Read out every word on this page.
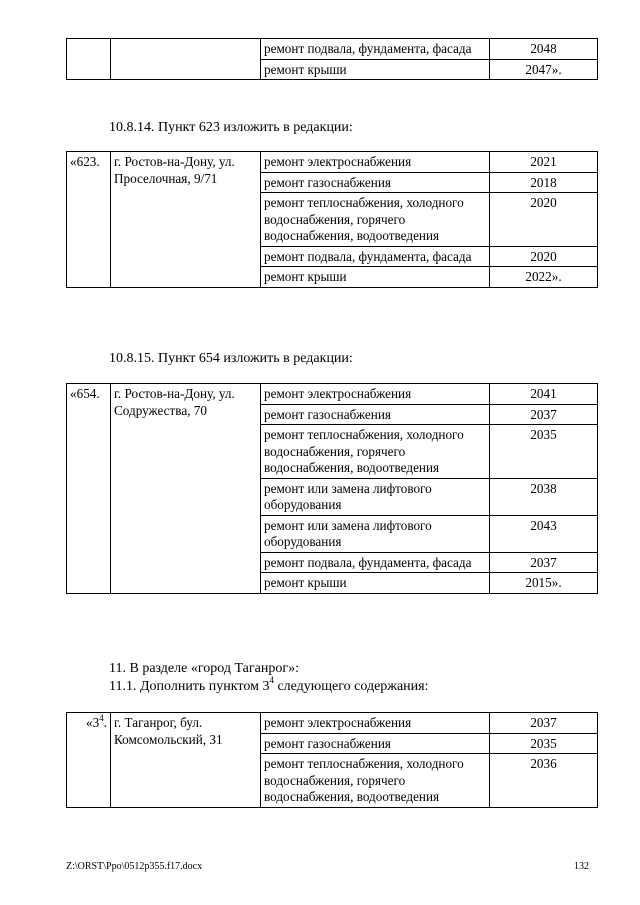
		ремонт подвала, фундамента, фасада	2048
		ремонт крыши	2047».
10.8.14. Пункт 623 изложить в редакции:
«623.	г. Ростов-на-Дону, ул. Проселочная, 9/71	ремонт электроснабжения	2021
		ремонт газоснабжения	2018
		ремонт теплоснабжения, холодного водоснабжения, горячего водоснабжения, водоотведения	2020
		ремонт подвала, фундамента, фасада	2020
		ремонт крыши	2022».
10.8.15. Пункт 654 изложить в редакции:
«654.	г. Ростов-на-Дону, ул. Содружества, 70	ремонт электроснабжения	2041
		ремонт газоснабжения	2037
		ремонт теплоснабжения, холодного водоснабжения, горячего водоснабжения, водоотведения	2035
		ремонт или замена лифтового оборудования	2038
		ремонт или замена лифтового оборудования	2043
		ремонт подвала, фундамента, фасада	2037
		ремонт крыши	2015».
11. В разделе «город Таганрог»:
11.1. Дополнить пунктом $3^4$ следующего содержания:
«$3^4$.	г. Таганрог, бул. Комсомольский, 31	ремонт электроснабжения	2037
		ремонт газоснабжения	2035
		ремонт теплоснабжения, холодного водоснабжения, горячего водоснабжения, водоотведения	2036
Z:\ORST\Ppo\0512p355.f17.docx	132
